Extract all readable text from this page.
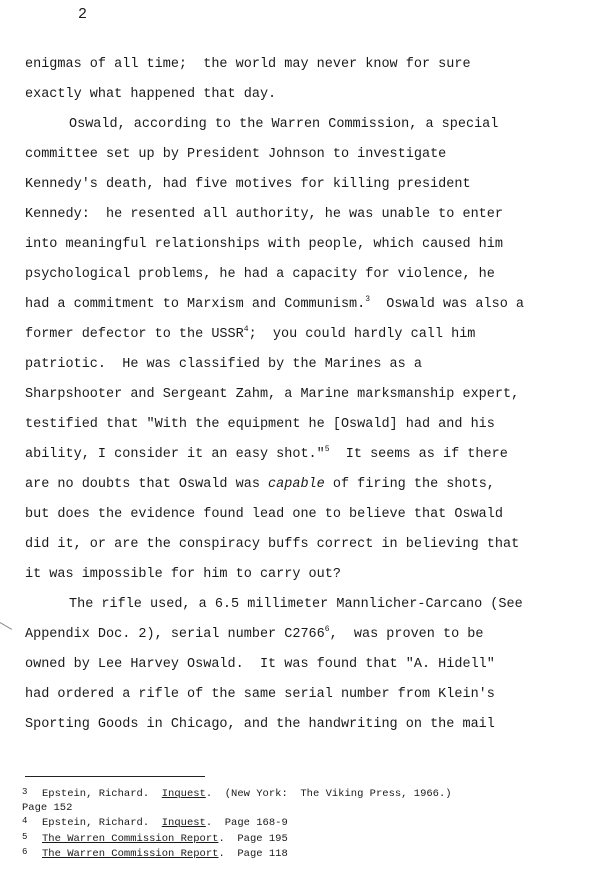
2
enigmas of all time;  the world may never know for sure
exactly what happened that day.
Oswald, according to the Warren Commission, a special
committee set up by President Johnson to investigate
Kennedy's death, had five motives for killing president
Kennedy:  he resented all authority, he was unable to enter
into meaningful relationships with people, which caused him
psychological problems, he had a capacity for violence, he
had a commitment to Marxism and Communism.$^3$  Oswald was also a
former defector to the USSR$^4$;  you could hardly call him
patriotic.  He was classified by the Marines as a
Sharpshooter and Sergeant Zahm, a Marine marksmanship expert,
testified that "With the equipment he [Oswald] had and his
ability, I consider it an easy shot."$^5$  It seems as if there
are no doubts that Oswald was capable of firing the shots,
but does the evidence found lead one to believe that Oswald
did it, or are the conspiracy buffs correct in believing that
it was impossible for him to carry out?
The rifle used, a 6.5 millimeter Mannlicher-Carcano (See
Appendix Doc. 2), serial number C2766$^6$,  was proven to be
owned by Lee Harvey Oswald.  It was found that "A. Hidell"
had ordered a rifle of the same serial number from Klein's
Sporting Goods in Chicago, and the handwriting on the mail
3 Epstein, Richard.  Inquest.  (New York:  The Viking Press, 1966.)
Page 152
4 Epstein, Richard.  Inquest.  Page 168-9
5 The Warren Commission Report.  Page 195
6 The Warren Commission Report.  Page 118
